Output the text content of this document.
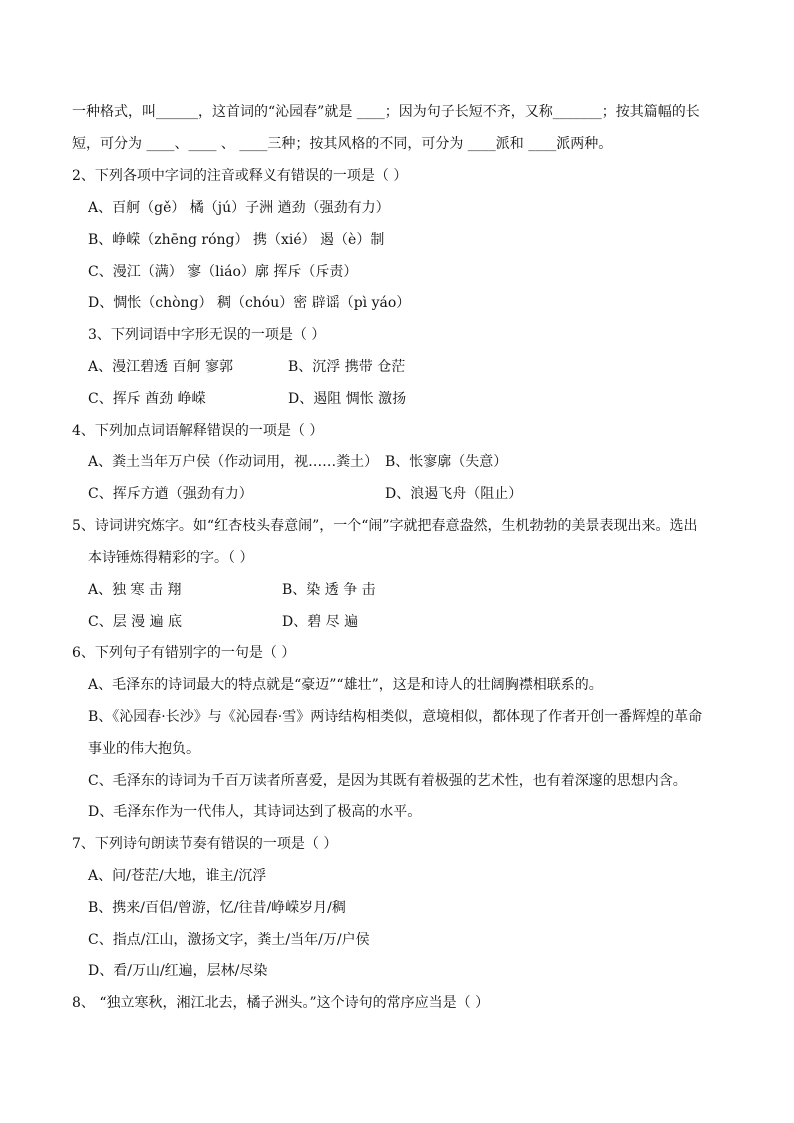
一种格式，叫______，这首词的“沁园春”就是 ____；因为句子长短不齐，又称_______；按其篇幅的长
短，可分为 ____、____ 、 ____三种；按其风格的不同，可分为 ____派和 ____派两种。
2、下列各项中字词的注音或释义有错误的一项是（ ）
A、百舸（gě） 橘（jú）子洲 遒劲（强劲有力）
B、峥嵘（zhēng róng） 携（xié） 遏（è）制
C、漫江（满） 寥（liáo）廓 挥斥（斥责）
D、惆怅（chòng） 稠（chóu）密 辟谣（pì yáo）
3、下列词语中字形无误的一项是（ ）
A、漫江碧透 百舸 寥郭	B、沉浮 携带 仓茫
C、挥斥 酋劲 峥嵘	D、遏阻 惆怅 激扬
4、下列加点词语解释错误的一项是（ ）
A、粪土当年万户侯（作动词用，视……粪土） B、怅寥廓（失意）
C、挥斥方遒（强劲有力）	D、浪遏飞舟（阻止）
5、诗词讲究炼字。如“红杏枝头春意闹”，一个“闹”字就把春意盎然，生机勃勃的美景表现出来。选出
本诗锤炼得精彩的字。（ ）
A、独 寒 击 翔	B、染 透 争 击
C、层 漫 遍 底	D、碧 尽 遍
6、下列句子有错别字的一句是（ ）
A、毛泽东的诗词最大的特点就是“豪迈”“雄壮”，这是和诗人的壮阔胸襟相联系的。
B、《沁园春·长沙》与《沁园春·雪》两诗结构相类似，意境相似，都体现了作者开创一番辉煌的革命
事业的伟大抱负。
C、毛泽东的诗词为千百万读者所喜爱，是因为其既有着极强的艺术性，也有着深邃的思想内含。
D、毛泽东作为一代伟人，其诗词达到了极高的水平。
7、下列诗句朗读节奏有错误的一项是（ ）
A、问/苍茫/大地，谁主/沉浮
B、携来/百侣/曾游，忆/往昔/峥嵘岁月/稠
C、指点/江山，激扬文字，粪土/当年/万/户侯
D、看/万山/红遍，层林/尽染
8、 “独立寒秋，湘江北去，橘子洲头。”这个诗句的常序应当是（ ）
